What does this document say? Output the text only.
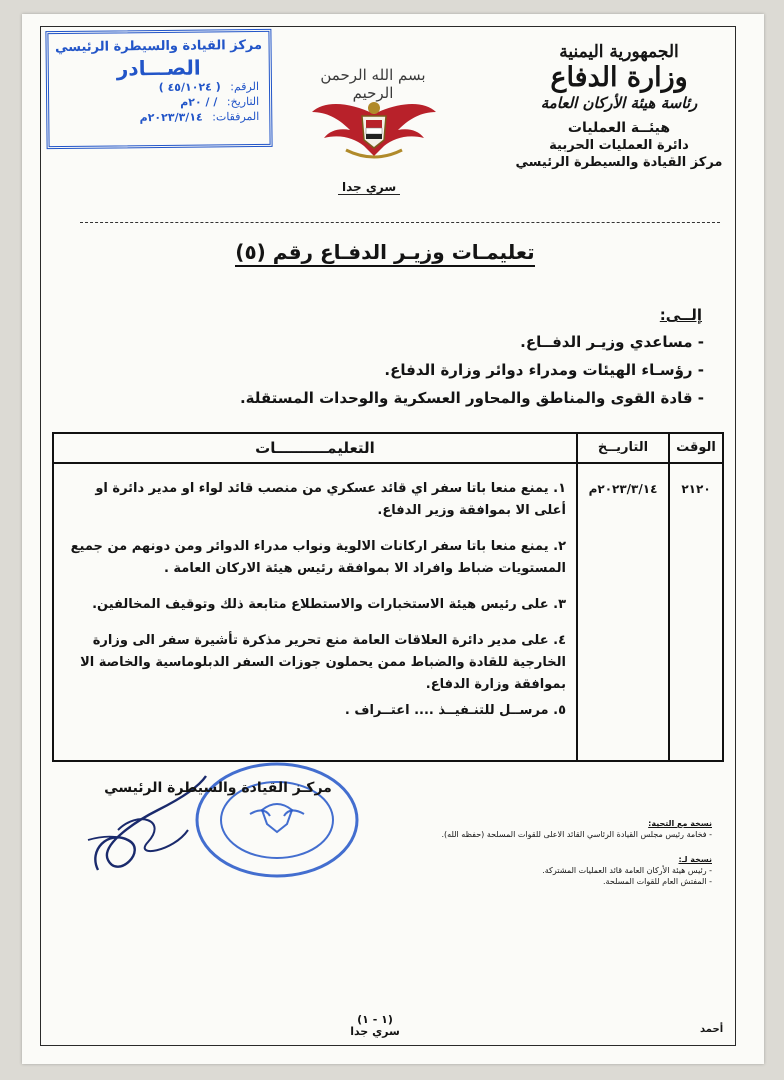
مركز القيادة والسيطرة الرئيسي
الصـــادر
الرقم: ( ٤٥/١٠٢٤ )
التاريخ: / / ٢٠م
المرفقات: ٢٠٢٣/٣/١٤م
بسم الله الرحمن الرحيم
سري جدا
الجمهورية اليمنية
وزارة الدفاع
رئاسة هيئة الأركان العامة
هيئــة العمليات
دائرة العمليات الحربية
مركز القيادة والسيطرة الرئيسي
تعليمـات وزيـر الدفـاع رقم (٥)
إلــى:
- مساعدي وزيـر الدفــاع.
- رؤسـاء الهيئات ومدراء دوائر وزارة الدفاع.
- قادة القوى والمناطق والمحاور العسكرية والوحدات المستقلة.
الوقت
٢١٢٠
التاريــخ
٢٠٢٣/٣/١٤م
التعليمــــــــــات
١. يمنع منعا باتا سفر اي قائد عسكري من منصب قائد لواء او مدير دائرة او أعلى الا بموافقة وزير الدفاع.
٢. يمنع منعا باتا سفر اركانات الالوية ونواب مدراء الدوائر ومن دونهم من جميع المستويات ضباط وافراد الا بموافقة رئيس هيئة الاركان العامة .
٣. على رئيس هيئة الاستخبارات والاستطلاع متابعة ذلك وتوقيف المخالفين.
٤. على مدير دائرة العلاقات العامة منع تحرير مذكرة تأشيرة سفر الى وزارة الخارجية للقادة والضباط ممن يحملون جوزات السفر الدبلوماسية والخاصة الا بموافقة وزارة الدفاع.
٥. مرســل للتنـفيــذ .... اعتــراف .
مركـز القيادة والسيطرة الرئيسي
نسخة مع التحية:
- فخامة رئيس مجلس القيادة الرئاسي القائد الاعلى للقوات المسلحة (حفظه الله).
نسخة لـ:
- رئيس هيئة الأركان العامة قائد العمليات المشتركة.
- المفتش العام للقوات المسلحة.
(١ - ١)
سري جدا	أحمد
